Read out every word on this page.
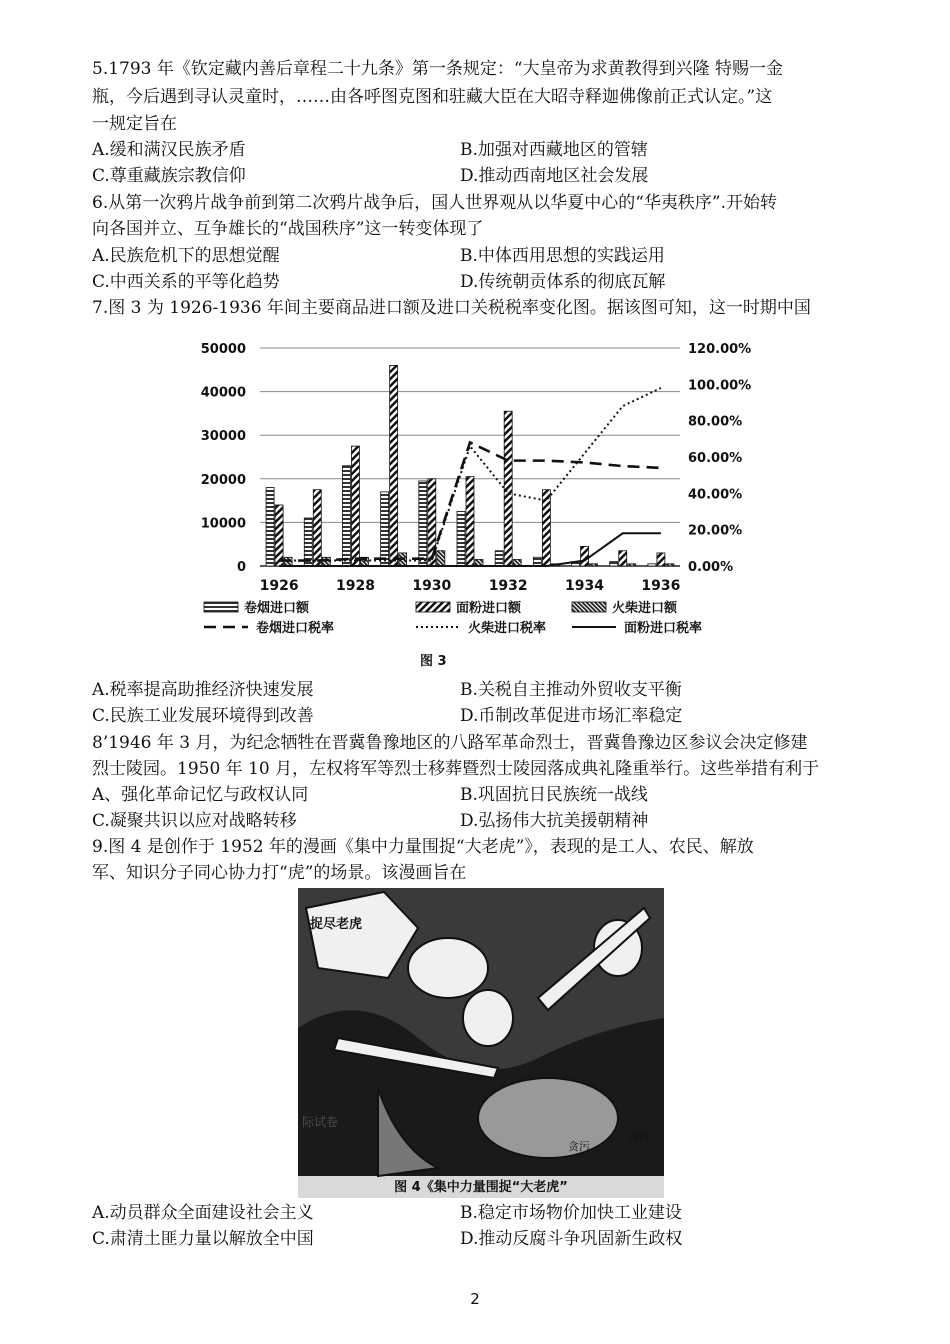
5.1793 年《钦定藏内善后章程二十九条》第一条规定：“大皇帝为求黄教得到兴隆 特赐一金
瓶，今后遇到寻认灵童时，……由各呼图克图和驻藏大臣在大昭寺释迦佛像前正式认定。”这
一规定旨在
A.缓和满汉民族矛盾	B.加强对西藏地区的管辖
C.尊重藏族宗教信仰	D.推动西南地区社会发展
6.从第一次鸦片战争前到第二次鸦片战争后，国人世界观从以华夏中心的“华夷秩序”.开始转
向各国并立、互争雄长的“战国秩序”这一转变体现了
A.民族危机下的思想觉醒	B.中体西用思想的实践运用
C.中西关系的平等化趋势	D.传统朝贡体系的彻底瓦解
7.图 3 为 1926-1936 年间主要商品进口额及进口关税税率变化图。据该图可知，这一时期中国
0
10000
20000
30000
40000
50000
0.00%
20.00%
40.00%
60.00%
80.00%
100.00%
120.00%
1926	1928	1930	1932	1934	1936
卷烟进口额	面粉进口额	火柴进口额
卷烟进口税率	火柴进口税率	面粉进口税率
图 3
A.税率提高助推经济快速发展	B.关税自主推动外贸收支平衡
C.民族工业发展环境得到改善	D.币制改革促进市场汇率稳定
8’1946 年 3 月，为纪念牺牲在晋冀鲁豫地区的八路军革命烈士，晋冀鲁豫边区参议会决定修建
烈士陵园。1950 年 10 月，左权将军等烈士移葬暨烈士陵园落成典礼隆重举行。这些举措有利于
A、强化革命记忆与政权认同	B.巩固抗日民族统一战线
C.凝聚共识以应对战略转移	D.弘扬伟大抗美援朝精神
9.图 4 是创作于 1952 年的漫画《集中力量围捉“大老虎”》，表现的是工人、农民、解放
军、知识分子同心协力打“虎”的场景。该漫画旨在
捉尽老虎
际试卷
贪污
贪污
图 4《集中力量围捉“大老虎”
A.动员群众全面建设社会主义	B.稳定市场物价加快工业建设
C.肃清土匪力量以解放全中国	D.推动反腐斗争巩固新生政权
2
